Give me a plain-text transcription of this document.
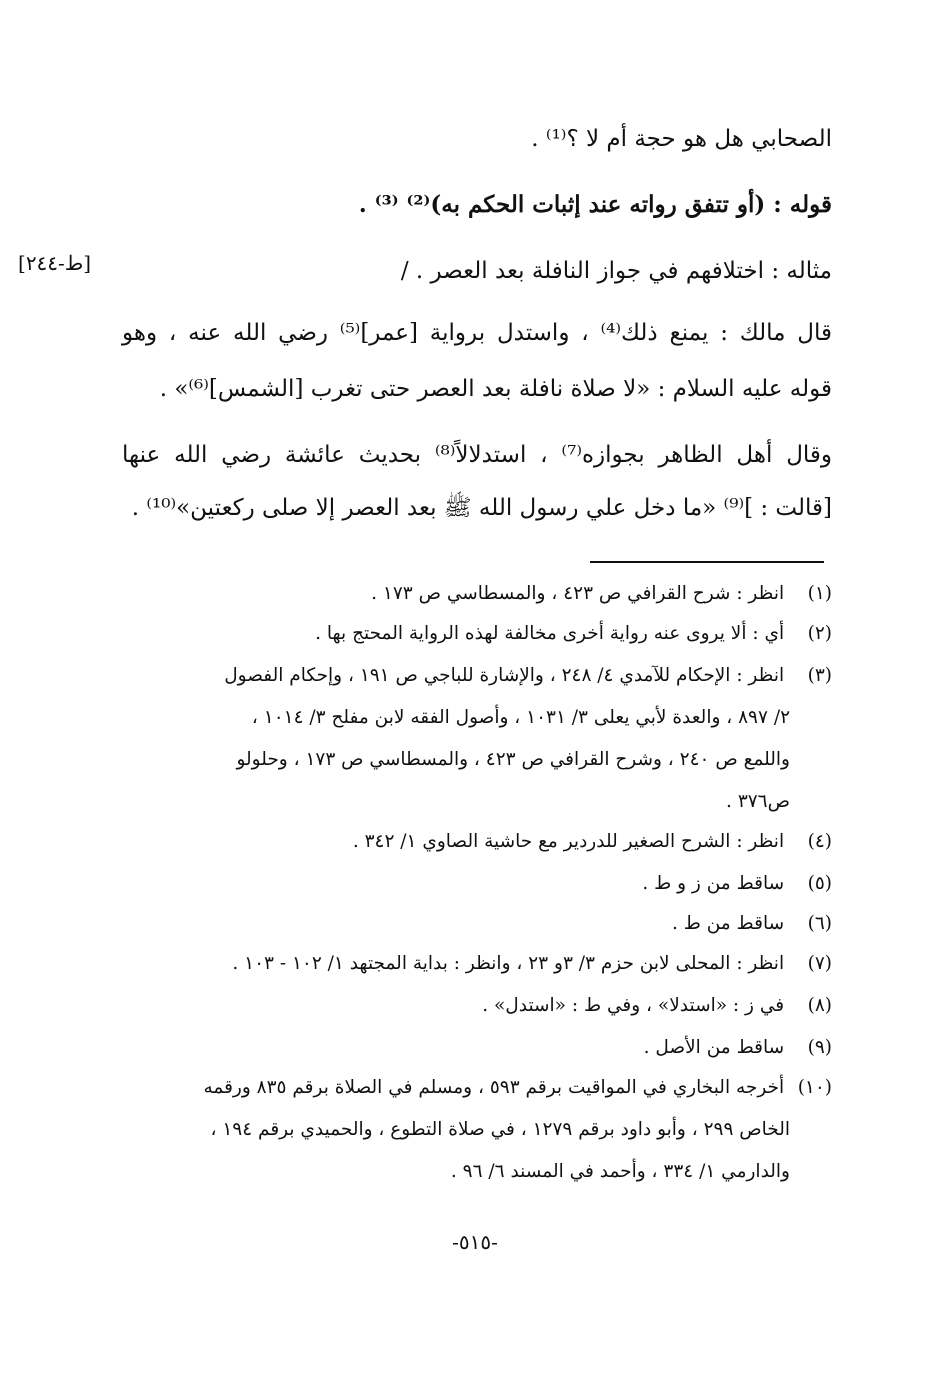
الصحابي هل هو حجة أم لا ؟⁽¹⁾ .
قوله : (أو تتفق رواته عند إثبات الحكم به)⁽²⁾ ⁽³⁾ .
مثاله : اختلافهم في جواز النافلة بعد العصر . /
قال مالك : يمنع ذلك⁽⁴⁾ ، واستدل برواية [عمر]⁽⁵⁾ رضي الله عنه ، وهو
قوله عليه السلام : «لا صلاة نافلة بعد العصر حتى تغرب [الشمس]⁽⁶⁾» .
وقال أهل الظاهر بجوازه⁽⁷⁾ ، استدلالاً⁽⁸⁾ بحديث عائشة رضي الله عنها
[قالت : ]⁽⁹⁾ «ما دخل علي رسول الله ﷺ بعد العصر إلا صلى ركعتين»⁽¹⁰⁾ .
[ط-٢٤٤]
(١) انظر : شرح القرافي ص ٤٢٣ ، والمسطاسي ص ١٧٣ .
(٢) أي : ألا يروى عنه رواية أخرى مخالفة لهذه الرواية المحتج بها .
(٣) انظر : الإحكام للآمدي ٤/ ٢٤٨ ، والإشارة للباجي ص ١٩١ ، وإحكام الفصول
٢/ ٨٩٧ ، والعدة لأبي يعلى ٣/ ١٠٣١ ، وأصول الفقه لابن مفلح ٣/ ١٠١٤ ،
واللمع ص ٢٤٠ ، وشرح القرافي ص ٤٢٣ ، والمسطاسي ص ١٧٣ ، وحلولو
ص٣٧٦ .
(٤) انظر : الشرح الصغير للدردير مع حاشية الصاوي ١/ ٣٤٢ .
(٥) ساقط من ز و ط .
(٦) ساقط من ط .
(٧) انظر : المحلى لابن حزم ٣/ ٣و ٢٣ ، وانظر : بداية المجتهد ١/ ١٠٢ - ١٠٣ .
(٨) في ز : «استدلا» ، وفي ط : «استدل» .
(٩) ساقط من الأصل .
(١٠) أخرجه البخاري في المواقيت برقم ٥٩٣ ، ومسلم في الصلاة برقم ٨٣٥ ورقمه
الخاص ٢٩٩ ، وأبو داود برقم ١٢٧٩ ، في صلاة التطوع ، والحميدي برقم ١٩٤ ،
والدارمي ١/ ٣٣٤ ، وأحمد في المسند ٦/ ٩٦ .
-٥١٥-
